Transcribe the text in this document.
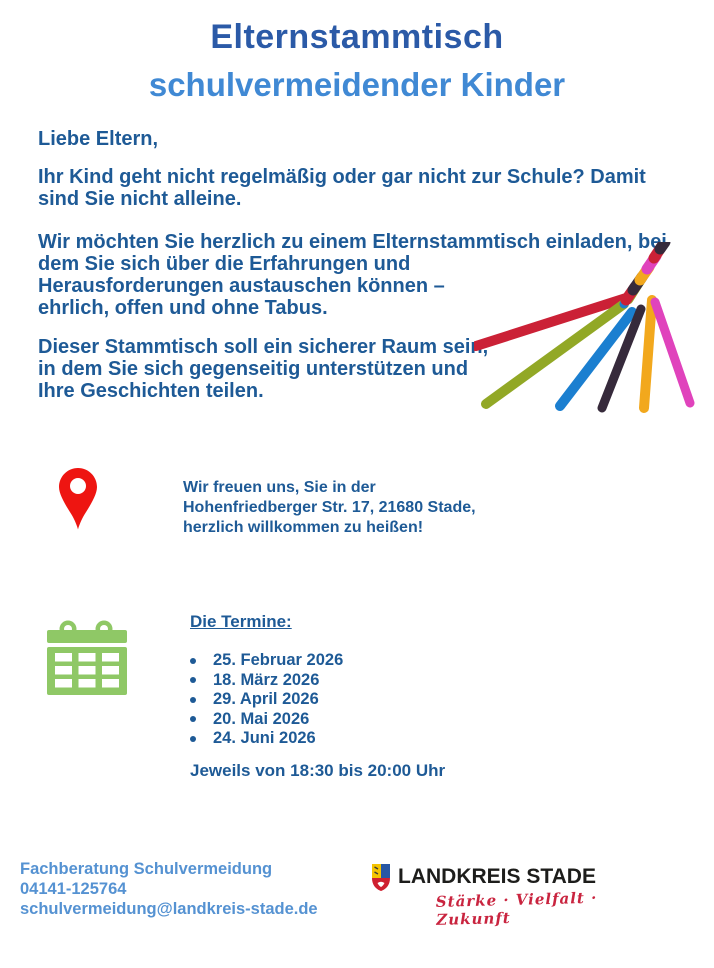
Elternstammtisch
schulvermeidender Kinder
Liebe Eltern,
Ihr Kind geht nicht regelmäßig oder gar nicht zur Schule? Damit
sind Sie nicht alleine.
Wir möchten Sie herzlich zu einem Elternstammtisch einladen, bei
dem Sie sich über die Erfahrungen und
Herausforderungen austauschen können –
ehrlich, offen und ohne Tabus.
Dieser Stammtisch soll ein sicherer Raum sein,
in dem Sie sich gegenseitig unterstützen und
Ihre Geschichten teilen.
Wir freuen uns, Sie in der
Hohenfriedberger Str. 17, 21680 Stade,
herzlich willkommen zu heißen!
Die Termine:
25. Februar 2026
18. März 2026
29. April 2026
20. Mai 2026
24. Juni 2026
Jeweils von 18:30 bis 20:00 Uhr
Fachberatung Schulvermeidung
04141-125764
schulvermeidung@landkreis-stade.de
LANDKREIS STADE
Stärke · Vielfalt · Zukunft
